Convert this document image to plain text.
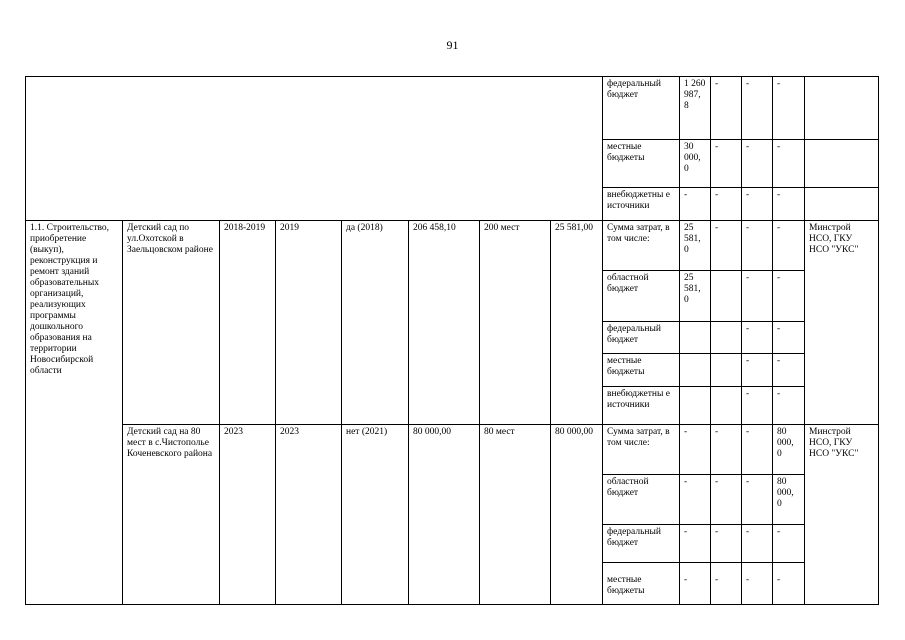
91
								федеральный бюджет	1 260 987, 8	-	-	-	
								местные бюджеты	30 000, 0	-	-	-	
								внебюджетны е источники	-	-	-	-	
1.1. Строительство, приобретение (выкуп), реконструкция и ремонт зданий образовательных организаций, реализующих программы дошкольного образования на территории Новосибирской области	Детский сад по ул.Охотской в Заельцовском районе	2018-2019	2019	да (2018)	206 458,10	200 мест	25 581,00	Сумма затрат, в том числе:	25 581, 0	-	-	-	Минстрой НСО, ГКУ НСО "УКС"
								областной бюджет	25 581, 0		-	-	
								федеральный бюджет			-	-	
								местные бюджеты			-	-	
								внебюджетны е источники			-	-	
	Детский сад на 80 мест в с.Чистополье Коченевского района	2023	2023	нет (2021)	80 000,00	80 мест	80 000,00	Сумма затрат, в том числе:	-	-	-	80 000, 0	Минстрой НСО, ГКУ НСО "УКС"
								областной бюджет	-	-	-	80 000, 0	
								федеральный бюджет	-	-	-	-	
								местные бюджеты	-	-	-	-	
